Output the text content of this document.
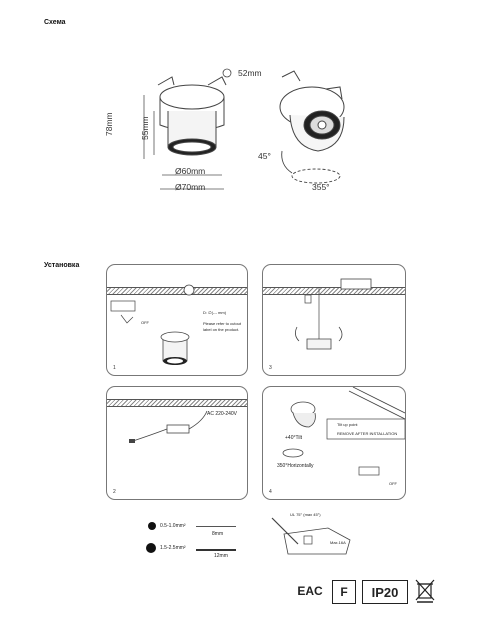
Схема
Установка
78mm	55mm
Ø60mm
Ø70mm
52mm
45°
355°
D: ∅(--- mm)
Please refer to cutout
label on the product.
OFF
1	3
AC 220-240V
2
+40°Tilt
Tilt up point
REMOVE AFTER INSTALLATION
350°Horizontally
OFF
4
0.5-1.0mm²
8mm
1.5-2.5mm²
12mm
UL 75° (max 45°)
Max.16A
EAC	F	IP20
